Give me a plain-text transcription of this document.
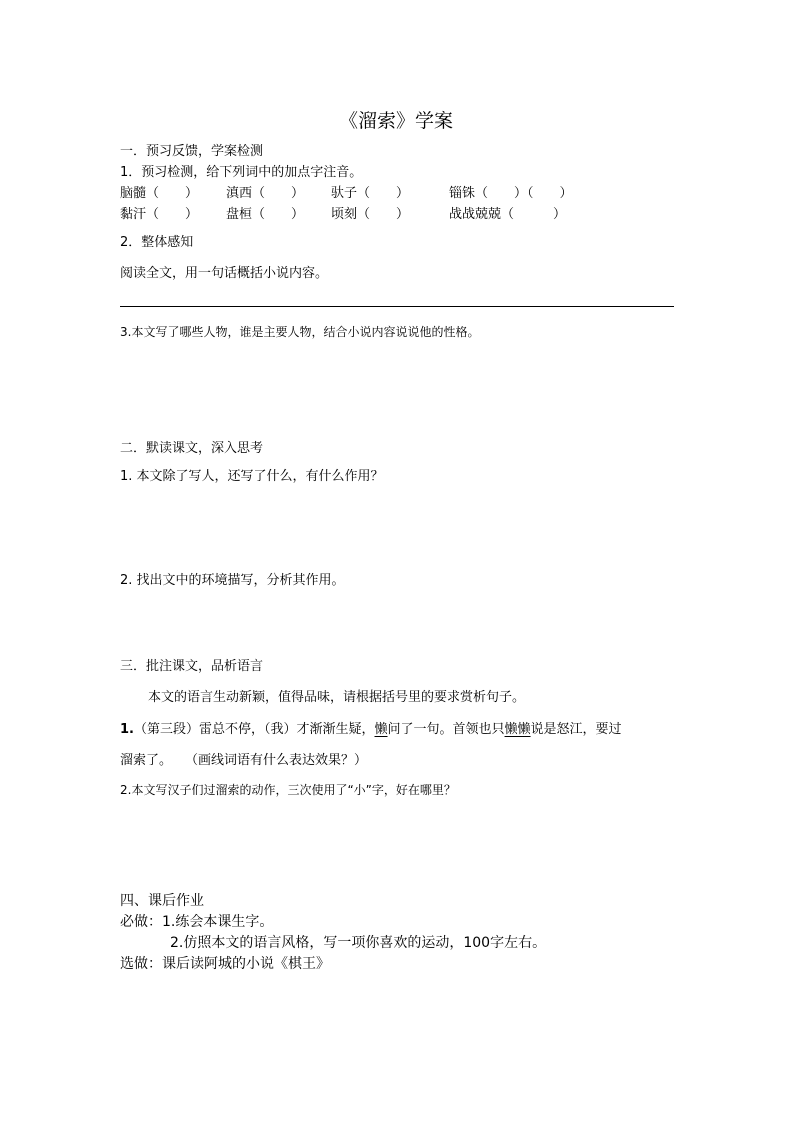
《溜索》学案
一．预习反馈，学案检测
1．预习检测，给下列词中的加点字注音。
脑髓（　　） 滇西（　　） 驮子（　　）	锱铢（　　）（　　）
黏汗（　　） 盘桓（　　） 顷刻（　　）	战战兢兢（　　　）
2．整体感知
阅读全文，用一句话概括小说内容。
3.本文写了哪些人物，谁是主要人物，结合小说内容说说他的性格。
二．默读课文，深入思考
1. 本文除了写人，还写了什么，有什么作用？
2. 找出文中的环境描写，分析其作用。
三．批注课文，品析语言
本文的语言生动新颖，值得品味，请根据括号里的要求赏析句子。
1.（第三段）雷总不停，（我）才渐渐生疑，懒问了一句。首领也只懒懒说是怒江，要过
溜索了。　　（画线词语有什么表达效果？）
2.本文写汉子们过溜索的动作，三次使用了“小”字，好在哪里？
四、课后作业
必做：1.练会本课生字。
2.仿照本文的语言风格，写一项你喜欢的运动，100字左右。
选做：课后读阿城的小说《棋王》
